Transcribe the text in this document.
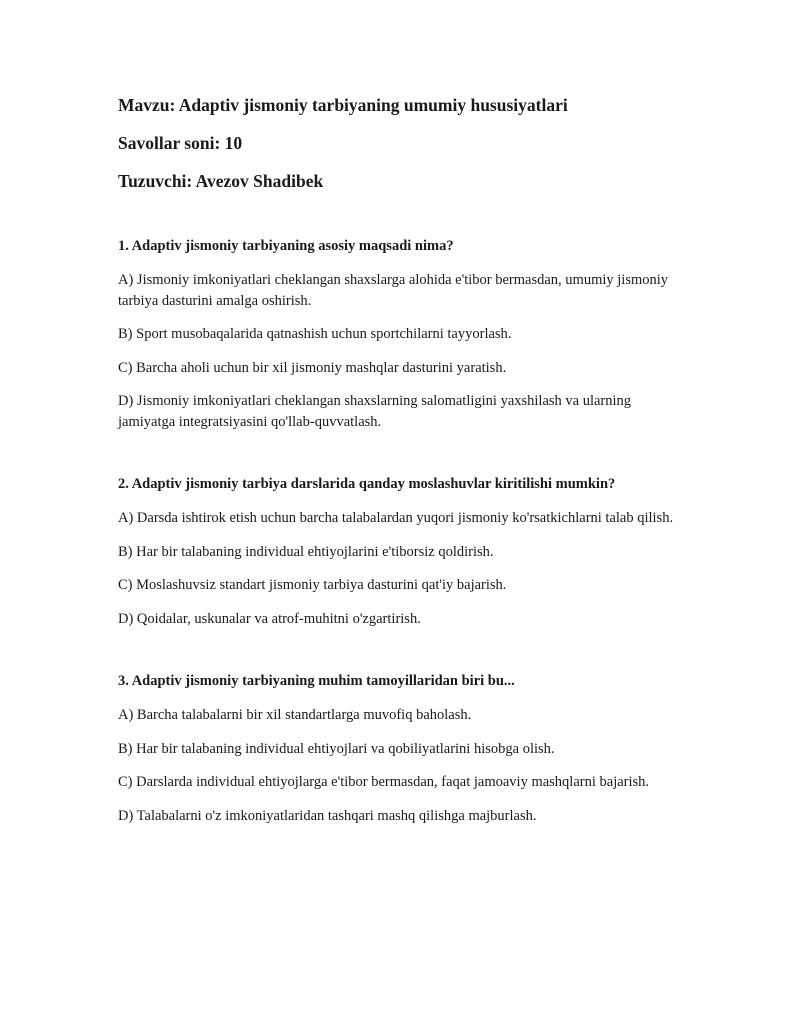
Mavzu: Adaptiv jismoniy tarbiyaning umumiy hususiyatlari

Savollar soni: 10

Tuzuvchi: Avezov Shadibek

1. Adaptiv jismoniy tarbiyaning asosiy maqsadi nima?

A) Jismoniy imkoniyatlari cheklangan shaxslarga alohida e'tibor bermasdan, umumiy jismoniy tarbiya dasturini amalga oshirish.

B) Sport musobaqalarida qatnashish uchun sportchilarni tayyorlash.

C) Barcha aholi uchun bir xil jismoniy mashqlar dasturini yaratish.

D) Jismoniy imkoniyatlari cheklangan shaxslarning salomatligini yaxshilash va ularning jamiyatga integratsiyasini qo'llab-quvvatlash.

2. Adaptiv jismoniy tarbiya darslarida qanday moslashuvlar kiritilishi mumkin?

A) Darsda ishtirok etish uchun barcha talabalardan yuqori jismoniy ko'rsatkichlarni talab qilish.

B) Har bir talabaning individual ehtiyojlarini e'tiborsiz qoldirish.

C) Moslashuvsiz standart jismoniy tarbiya dasturini qat'iy bajarish.

D) Qoidalar, uskunalar va atrof-muhitni o'zgartirish.

3. Adaptiv jismoniy tarbiyaning muhim tamoyillaridan biri bu...

A) Barcha talabalarni bir xil standartlarga muvofiq baholash.

B) Har bir talabaning individual ehtiyojlari va qobiliyatlarini hisobga olish.

C) Darslarda individual ehtiyojlarga e'tibor bermasdan, faqat jamoaviy mashqlarni bajarish.

D) Talabalarni o'z imkoniyatlaridan tashqari mashq qilishga majburlash.
